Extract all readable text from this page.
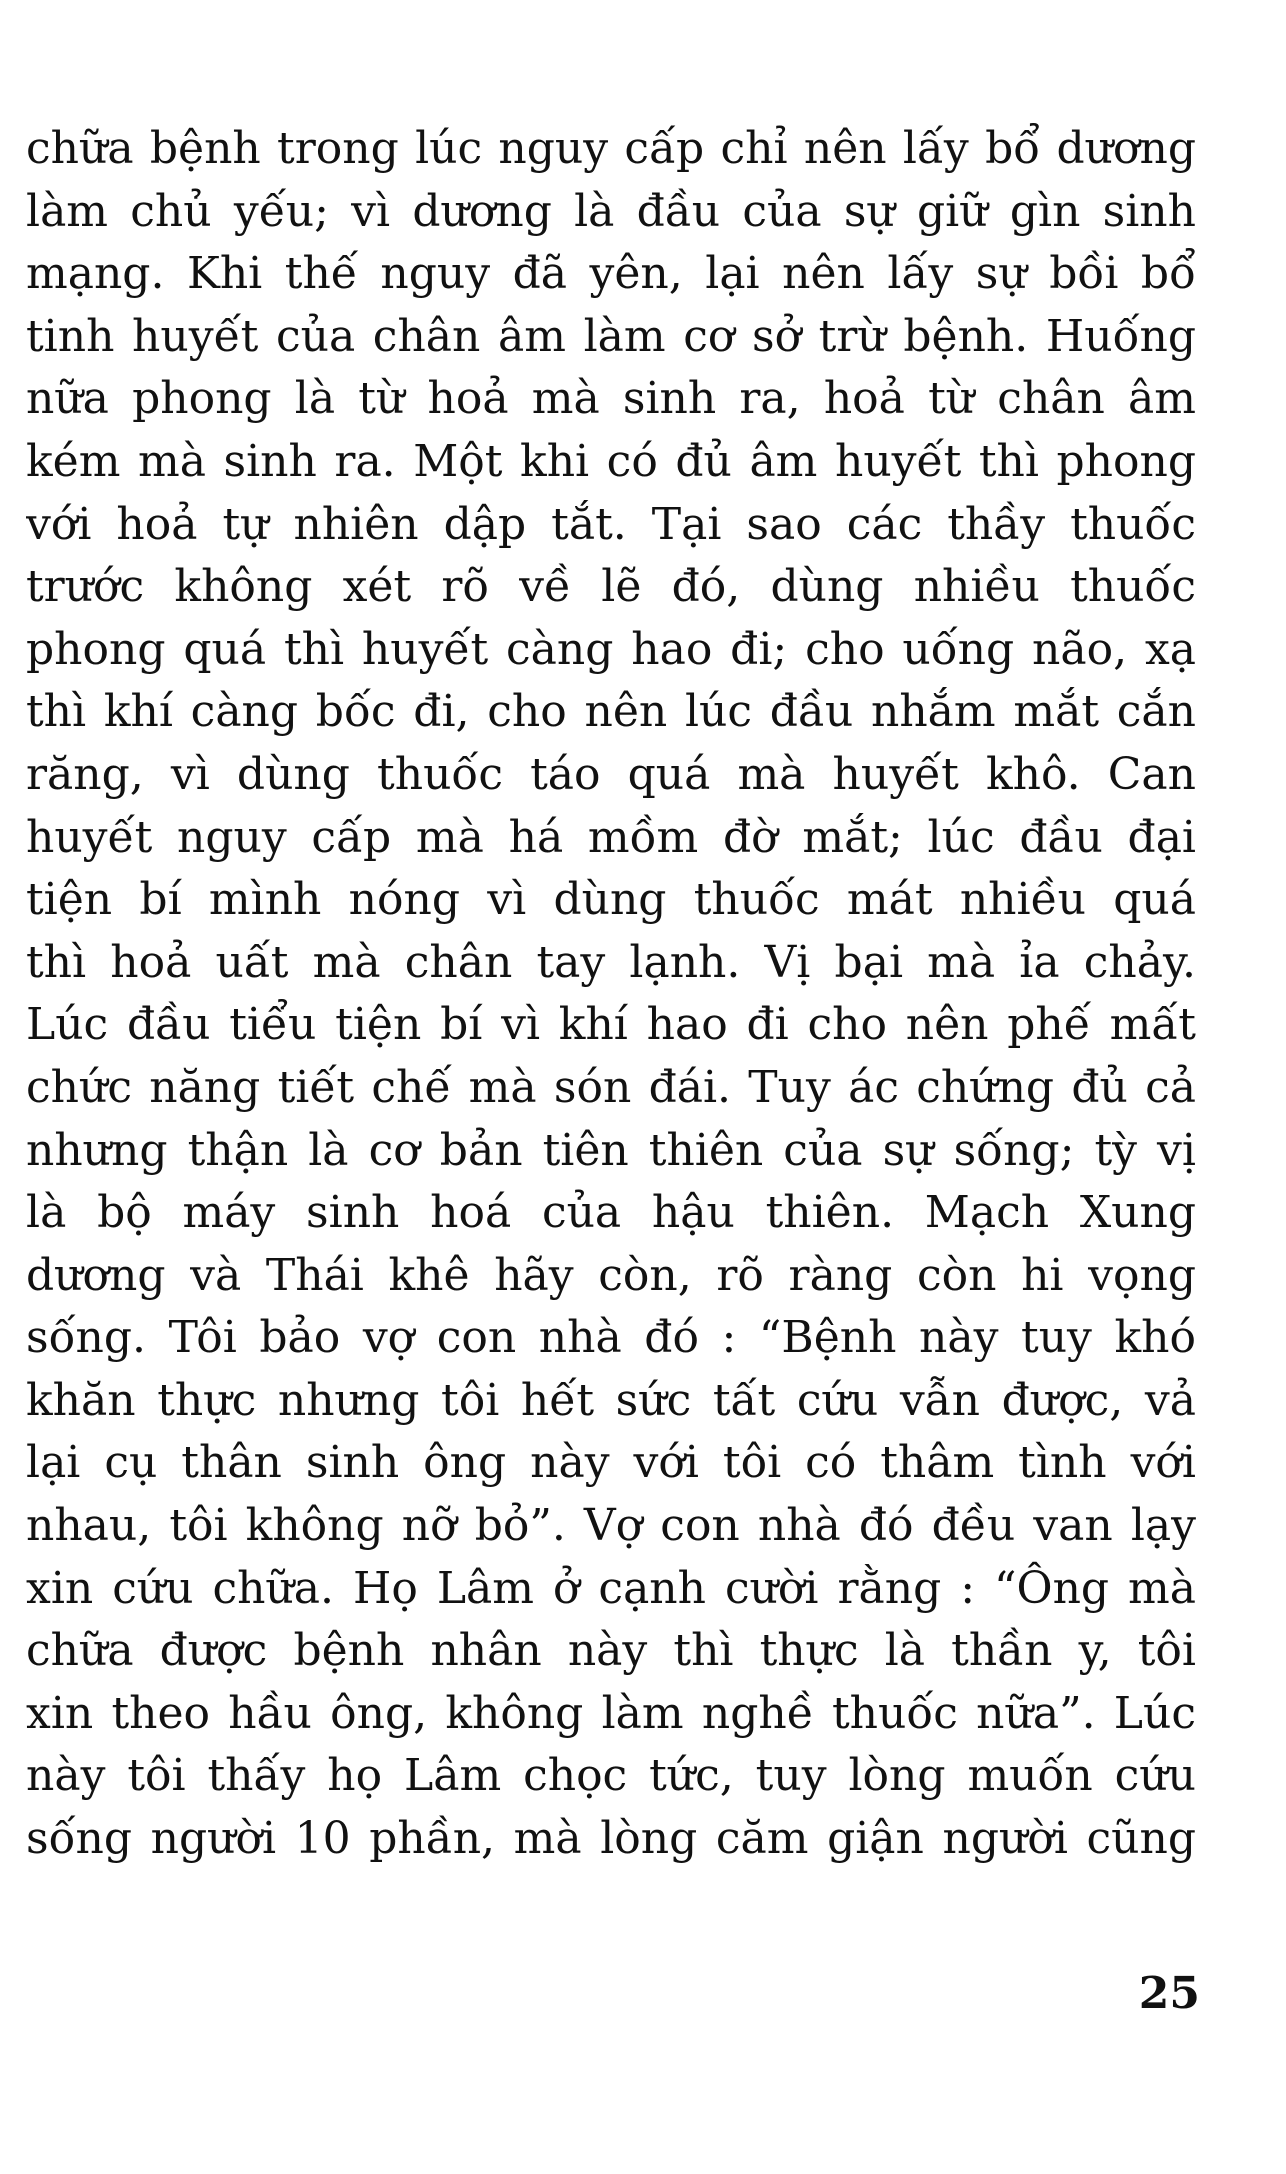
chữa bệnh trong lúc nguy cấp chỉ nên lấy bổ dương
làm chủ yếu; vì dương là đầu của sự giữ gìn sinh
mạng. Khi thế nguy đã yên, lại nên lấy sự bồi bổ
tinh huyết của chân âm làm cơ sở trừ bệnh. Huống
nữa phong là từ hoả mà sinh ra, hoả từ chân âm
kém mà sinh ra. Một khi có đủ âm huyết thì phong
với hoả tự nhiên dập tắt. Tại sao các thầy thuốc
trước không xét rõ về lẽ đó, dùng nhiều thuốc
phong quá thì huyết càng hao đi; cho uống não, xạ
thì khí càng bốc đi, cho nên lúc đầu nhắm mắt cắn
răng, vì dùng thuốc táo quá mà huyết khô. Can
huyết nguy cấp mà há mồm đờ mắt; lúc đầu đại
tiện bí mình nóng vì dùng thuốc mát nhiều quá
thì hoả uất mà chân tay lạnh. Vị bại mà ỉa chảy.
Lúc đầu tiểu tiện bí vì khí hao đi cho nên phế mất
chức năng tiết chế mà són đái. Tuy ác chứng đủ cả
nhưng thận là cơ bản tiên thiên của sự sống; tỳ vị
là bộ máy sinh hoá của hậu thiên. Mạch Xung
dương và Thái khê hãy còn, rõ ràng còn hi vọng
sống. Tôi bảo vợ con nhà đó : “Bệnh này tuy khó
khăn thực nhưng tôi hết sức tất cứu vẫn được, vả
lại cụ thân sinh ông này với tôi có thâm tình với
nhau, tôi không nỡ bỏ”. Vợ con nhà đó đều van lạy
xin cứu chữa. Họ Lâm ở cạnh cười rằng : “Ông mà
chữa được bệnh nhân này thì thực là thần y, tôi
xin theo hầu ông, không làm nghề thuốc nữa”. Lúc
này tôi thấy họ Lâm chọc tức, tuy lòng muốn cứu
sống người 10 phần, mà lòng căm giận người cũng
25
